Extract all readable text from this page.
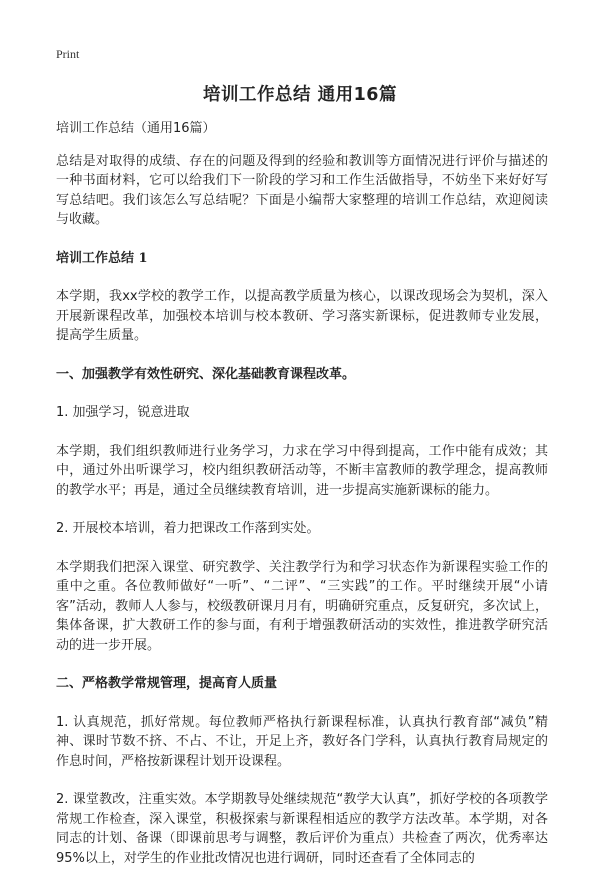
Print
培训工作总结 通用16篇

培训工作总结（通用16篇）

总结是对取得的成绩、存在的问题及得到的经验和教训等方面情况进行评价与描述的一种书面材料，它可以给我们下一阶段的学习和工作生活做指导，不妨坐下来好好写写总结吧。我们该怎么写总结呢？下面是小编帮大家整理的培训工作总结，欢迎阅读与收藏。

培训工作总结 1

本学期，我xx学校的教学工作，以提高教学质量为核心，以课改现场会为契机，深入开展新课程改革，加强校本培训与校本教研、学习落实新课标，促进教师专业发展，提高学生质量。

一、加强教学有效性研究、深化基础教育课程改革。

1. 加强学习，锐意进取

本学期，我们组织教师进行业务学习，力求在学习中得到提高，工作中能有成效；其中，通过外出听课学习，校内组织教研活动等，不断丰富教师的教学理念，提高教师的教学水平；再是，通过全员继续教育培训，进一步提高实施新课标的能力。

2. 开展校本培训，着力把课改工作落到实处。

本学期我们把深入课堂、研究教学、关注教学行为和学习状态作为新课程实验工作的重中之重。各位教师做好“一听”、“二评”、“三实践”的工作。平时继续开展“小请客”活动，教师人人参与，校级教研课月月有，明确研究重点，反复研究，多次试上，集体备课，扩大教研工作的参与面，有利于增强教研活动的实效性，推进教学研究活动的进一步开展。

二、严格教学常规管理，提高育人质量

1. 认真规范，抓好常规。每位教师严格执行新课程标准，认真执行教育部“减负”精神、课时节数不挤、不占、不让，开足上齐，教好各门学科，认真执行教育局规定的作息时间，严格按新课程计划开设课程。

2. 课堂教改，注重实效。本学期教导处继续规范“教学大认真”，抓好学校的各项教学常规工作检查，深入课堂，积极探索与新课程相适应的教学方法改革。本学期，对各同志的计划、备课（即课前思考与调整，教后评价为重点）共检查了两次，优秀率达95%以上，对学生的作业批改情况也进行调研，同时还查看了全体同志的
